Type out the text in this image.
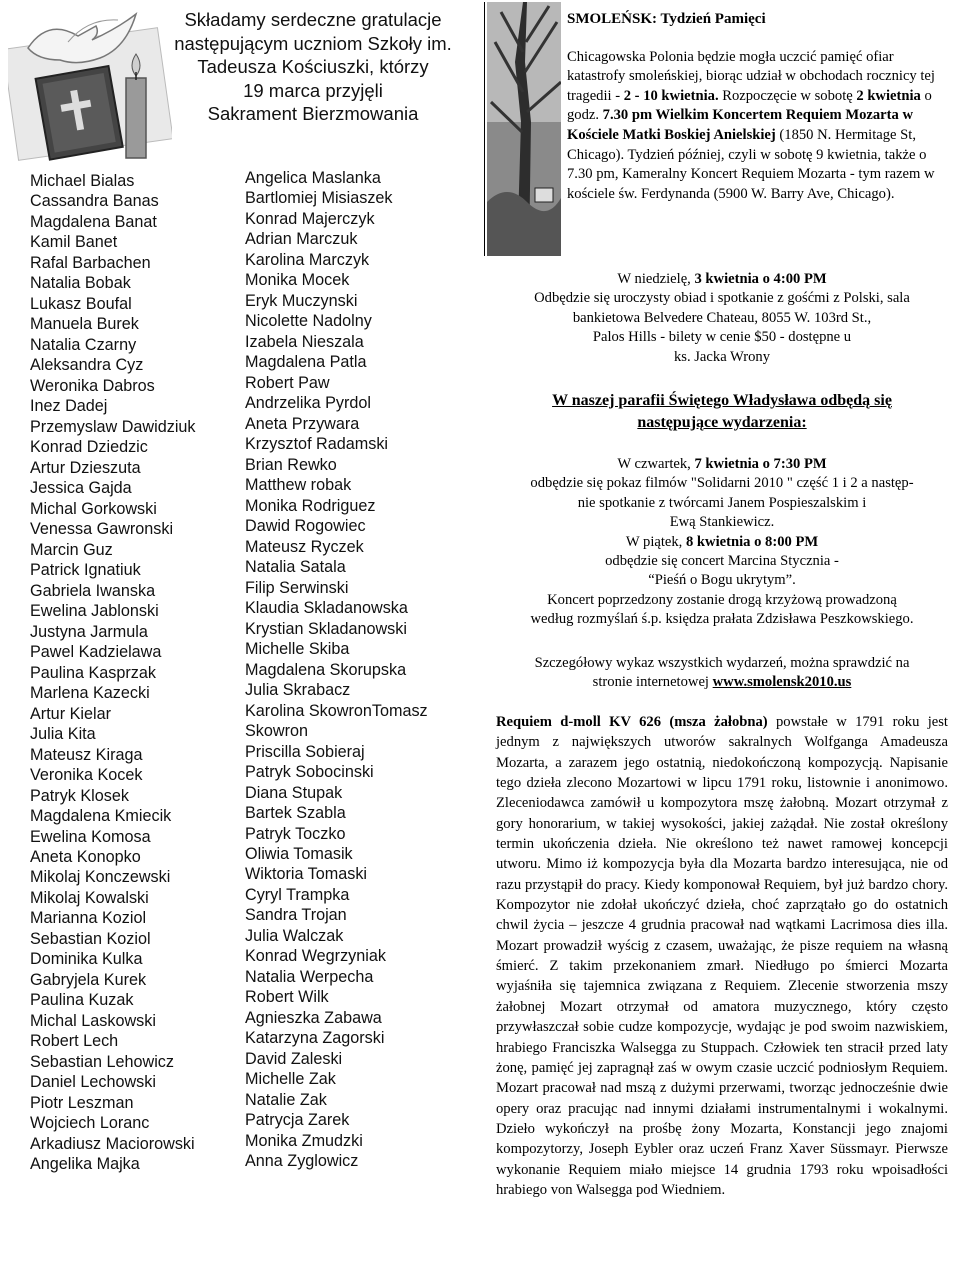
Składamy serdeczne gratulacje
następującym uczniom Szkoły im.
Tadeusza Kościuszki, którzy
19 marca przyjęli
Sakrament Bierzmowania
Michael Bialas
Cassandra Banas
Magdalena Banat
Kamil Banet
Rafal Barbachen
Natalia Bobak
Lukasz Boufal
Manuela Burek
Natalia Czarny
Aleksandra Cyz
Weronika Dabros
Inez Dadej
Przemyslaw Dawidziuk
Konrad Dziedzic
Artur Dzieszuta
Jessica Gajda
Michal Gorkowski
Venessa Gawronski
Marcin Guz
Patrick Ignatiuk
Gabriela Iwanska
Ewelina Jablonski
Justyna Jarmula
Pawel Kadzielawa
Paulina Kasprzak
Marlena Kazecki
Artur Kielar
Julia Kita
Mateusz Kiraga
Veronika Kocek
Patryk Klosek
Magdalena Kmiecik
Ewelina Komosa
Aneta Konopko
Mikolaj Konczewski
Mikolaj Kowalski
Marianna Koziol
Sebastian Koziol
Dominika Kulka
Gabryjela Kurek
Paulina Kuzak
Michal Laskowski
Robert Lech
Sebastian Lehowicz
Daniel Lechowski
Piotr Leszman
Wojciech Loranc
Arkadiusz Maciorowski
Angelika Majka
Angelica Maslanka
Bartlomiej Misiaszek
Konrad Majerczyk
Adrian Marczuk
Karolina Marczyk
Monika Mocek
Eryk Muczynski
Nicolette Nadolny
Izabela Nieszala
Magdalena Patla
Robert Paw
Andrzelika Pyrdol
Aneta Przywara
Krzysztof Radamski
Brian Rewko
Matthew robak
Monika Rodriguez
Dawid Rogowiec
Mateusz Ryczek
Natalia Satala
Filip Serwinski
Klaudia Skladanowska
Krystian Skladanowski
Michelle Skiba
Magdalena Skorupska
Julia Skrabacz
Karolina SkowronTomasz
Skowron
Priscilla Sobieraj
Patryk Sobocinski
Diana Stupak
Bartek Szabla
Patryk Toczko
Oliwia Tomasik
Wiktoria Tomaski
Cyryl Trampka
Sandra Trojan
Julia Walczak
Konrad Wegrzyniak
Natalia Werpecha
Robert Wilk
Agnieszka Zabawa
Katarzyna Zagorski
David Zaleski
Michelle Zak
Natalie Zak
Patrycja Zarek
Monika Zmudzki
Anna Zyglowicz
SMOLEŃSK: Tydzień Pamięci
Chicagowska Polonia będzie mogła uczcić pamięć ofiar katastrofy smoleńskiej, biorąc udział w obchodach rocznicy tej tragedii - 2 - 10 kwietnia. Rozpoczęcie w sobotę 2 kwietnia o godz. 7.30 pm Wielkim Koncertem Requiem Mozarta w Kościele Matki Boskiej Anielskiej (1850 N. Hermitage St, Chicago). Tydzień później, czyli w sobotę 9 kwietnia, także o 7.30 pm, Kameralny Koncert Requiem Mozarta - tym razem w kościele św. Ferdynanda (5900 W. Barry Ave, Chicago).
W niedzielę, 3 kwietnia o 4:00 PM
Odbędzie się uroczysty obiad i spotkanie z gośćmi z Polski, sala
bankietowa Belvedere Chateau, 8055 W. 103rd St.,
Palos Hills - bilety w cenie $50 - dostępne u
ks. Jacka Wrony
W naszej parafii Świętego Władysława odbędą się
następujące wydarzenia:
W czwartek, 7 kwietnia o 7:30 PM
odbędzie się pokaz filmów "Solidarni 2010 " część 1 i 2 a następ-
nie spotkanie z twórcami Janem Pospieszalskim i
Ewą Stankiewicz.
W piątek, 8 kwietnia o 8:00 PM
odbędzie się concert Marcina Stycznia -
“Pieśń o Bogu ukrytym”.
Koncert poprzedzony zostanie drogą krzyżową prowadzoną
według rozmyślań ś.p. księdza prałata Zdzisława Peszkowskiego.
Szczegółowy wykaz wszystkich wydarzeń, można sprawdzić na
stronie internetowej www.smolensk2010.us
Requiem d-moll KV 626 (msza żałobna) powstałe w 1791 roku jest jednym z największych utworów sakralnych Wolfganga Amadeusza Mozarta, a zarazem jego ostatnią, niedokończoną kompozycją. Napisanie tego dzieła zlecono Mozartowi w lipcu 1791 roku, listownie i anonimowo. Zleceniodawca zamówił u kompozytora mszę żałobną. Mozart otrzymał z gory honorarium, w takiej wysokości, jakiej zażądał. Nie został określony termin ukończenia dzieła. Nie określono też nawet ramowej koncepcji utworu. Mimo iż kompozycja była dla Mozarta bardzo interesująca, nie od razu przystąpił do pracy. Kiedy komponował Requiem, był już bardzo chory. Kompozytor nie zdołał ukończyć dzieła, choć zaprzątało go do ostatnich chwil życia – jeszcze 4 grudnia pracował nad wątkami Lacrimosa dies illa. Mozart prowadził wyścig z czasem, uważając, że pisze requiem na własną śmierć. Z takim przekonaniem zmarł. Niedługo po śmierci Mozarta wyjaśniła się tajemnica związana z Requiem. Zlecenie stworzenia mszy żałobnej Mozart otrzymał od amatora muzycznego, który często przywłaszczał sobie cudze kompozycje, wydając je pod swoim nazwiskiem, hrabiego Franciszka Walsegga zu Stuppach. Człowiek ten stracił przed laty żonę, pamięć jej zapragnął zaś w owym czasie uczcić podniosłym Requiem. Mozart pracował nad mszą z dużymi przerwami, tworząc jednocześnie dwie opery oraz pracując nad innymi działami instrumentalnymi i wokalnymi. Dzieło wykończył na prośbę żony Mozarta, Konstancji jego znajomi kompozytorzy, Joseph Eybler oraz uczeń Franz Xaver Süssmayr. Pierwsze wykonanie Requiem miało miejsce 14 grudnia 1793 roku wpoisadłości hrabiego von Walsegga pod Wiedniem.
